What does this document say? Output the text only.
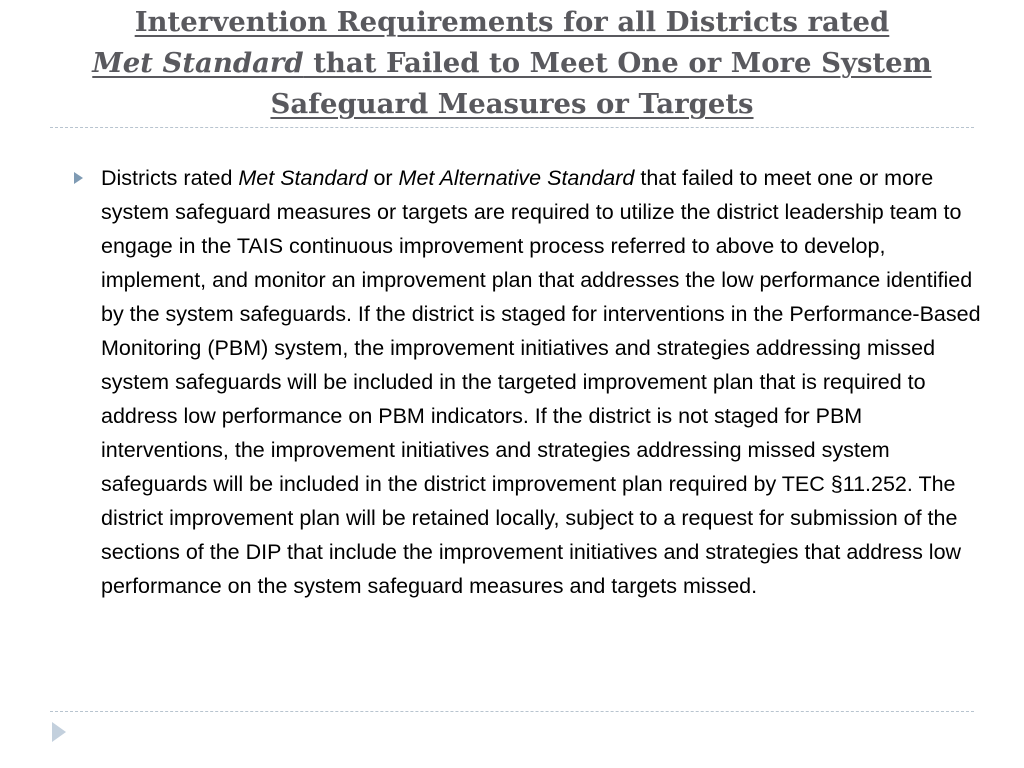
Intervention Requirements for all Districts rated
Met Standard that Failed to Meet One or More System Safeguard Measures or Targets

Districts rated Met Standard or Met Alternative Standard that failed to meet one or more system safeguard measures or targets are required to utilize the district leadership team to engage in the TAIS continuous improvement process referred to above to develop, implement, and monitor an improvement plan that addresses the low performance identified by the system safeguards. If the district is staged for interventions in the Performance-Based Monitoring (PBM) system, the improvement initiatives and strategies addressing missed system safeguards will be included in the targeted improvement plan that is required to address low performance on PBM indicators. If the district is not staged for PBM interventions, the improvement initiatives and strategies addressing missed system safeguards will be included in the district improvement plan required by TEC §11.252. The district improvement plan will be retained locally, subject to a request for submission of the sections of the DIP that include the improvement initiatives and strategies that address low performance on the system safeguard measures and targets missed.
